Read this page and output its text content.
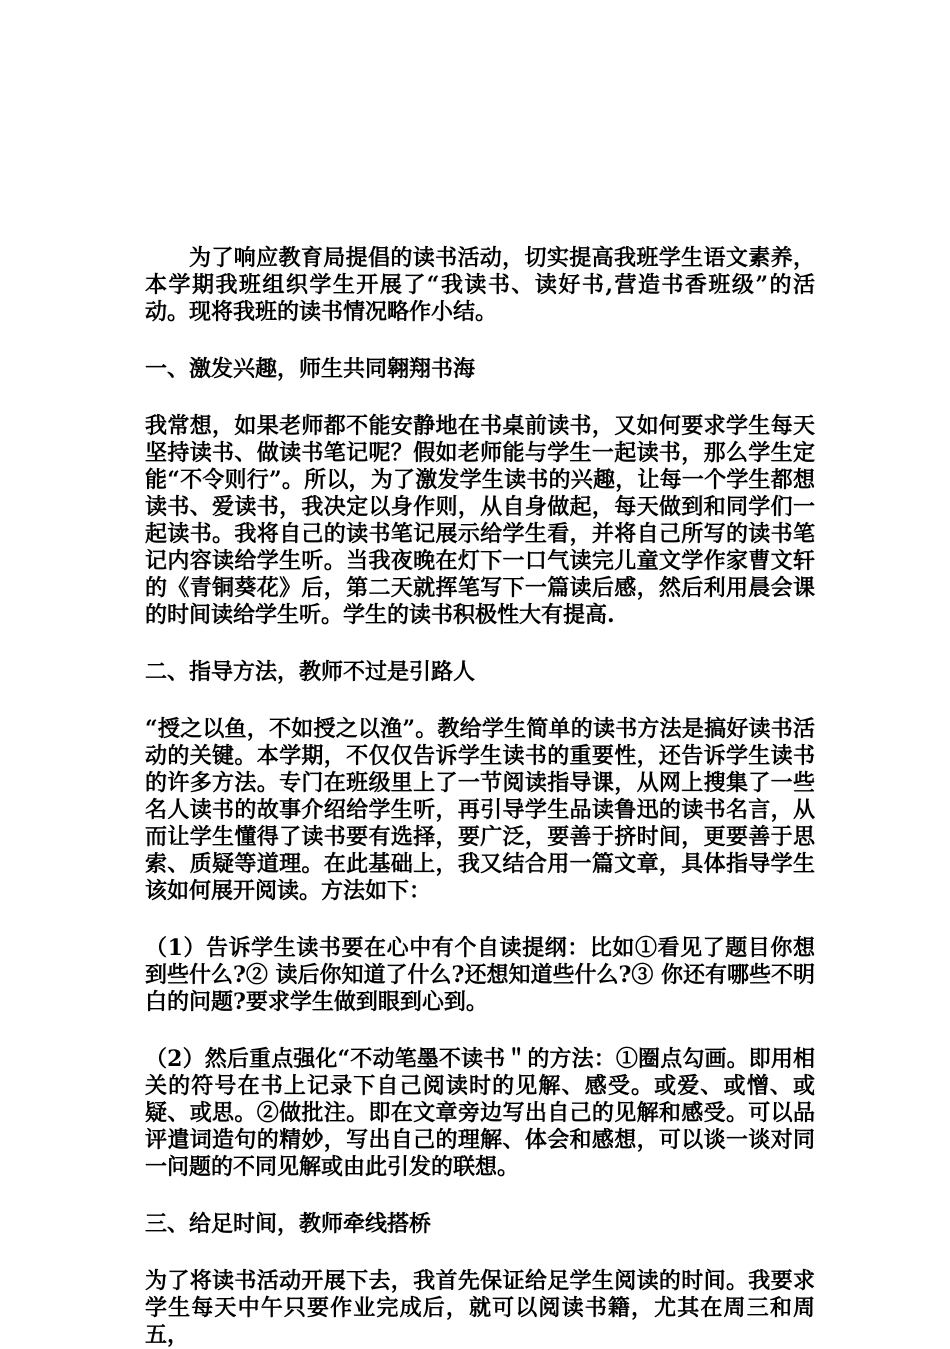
为了响应教育局提倡的读书活动，切实提高我班学生语文素养，本学期我班组织学生开展了“我读书、读好书,营造书香班级”的活动。现将我班的读书情况略作小结。

一、激发兴趣，师生共同翱翔书海

我常想，如果老师都不能安静地在书桌前读书，又如何要求学生每天坚持读书、做读书笔记呢？假如老师能与学生一起读书，那么学生定能“不令则行”。所以，为了激发学生读书的兴趣，让每一个学生都想读书、爱读书，我决定以身作则，从自身做起，每天做到和同学们一起读书。我将自己的读书笔记展示给学生看，并将自己所写的读书笔记内容读给学生听。当我夜晚在灯下一口气读完儿童文学作家曹文轩的《青铜葵花》后，第二天就挥笔写下一篇读后感，然后利用晨会课的时间读给学生听。学生的读书积极性大有提高.

二、指导方法，教师不过是引路人

“授之以鱼，不如授之以渔”。教给学生简单的读书方法是搞好读书活动的关键。本学期，不仅仅告诉学生读书的重要性，还告诉学生读书的许多方法。专门在班级里上了一节阅读指导课，从网上搜集了一些名人读书的故事介绍给学生听，再引导学生品读鲁迅的读书名言，从而让学生懂得了读书要有选择，要广泛，要善于挤时间，更要善于思索、质疑等道理。在此基础上，我又结合用一篇文章，具体指导学生该如何展开阅读。方法如下：

（1）告诉学生读书要在心中有个自读提纲：比如①看见了题目你想到些什么?② 读后你知道了什么?还想知道些什么?③ 你还有哪些不明白的问题?要求学生做到眼到心到。

（2）然后重点强化“不动笔墨不读书＂的方法：①圈点勾画。即用相关的符号在书上记录下自己阅读时的见解、感受。或爱、或憎、或疑、或思。②做批注。即在文章旁边写出自己的见解和感受。可以品评遣词造句的精妙，写出自己的理解、体会和感想，可以谈一谈对同一问题的不同见解或由此引发的联想。

三、给足时间，教师牵线搭桥

为了将读书活动开展下去，我首先保证给足学生阅读的时间。我要求学生每天中午只要作业完成后，就可以阅读书籍，尤其在周三和周五，
